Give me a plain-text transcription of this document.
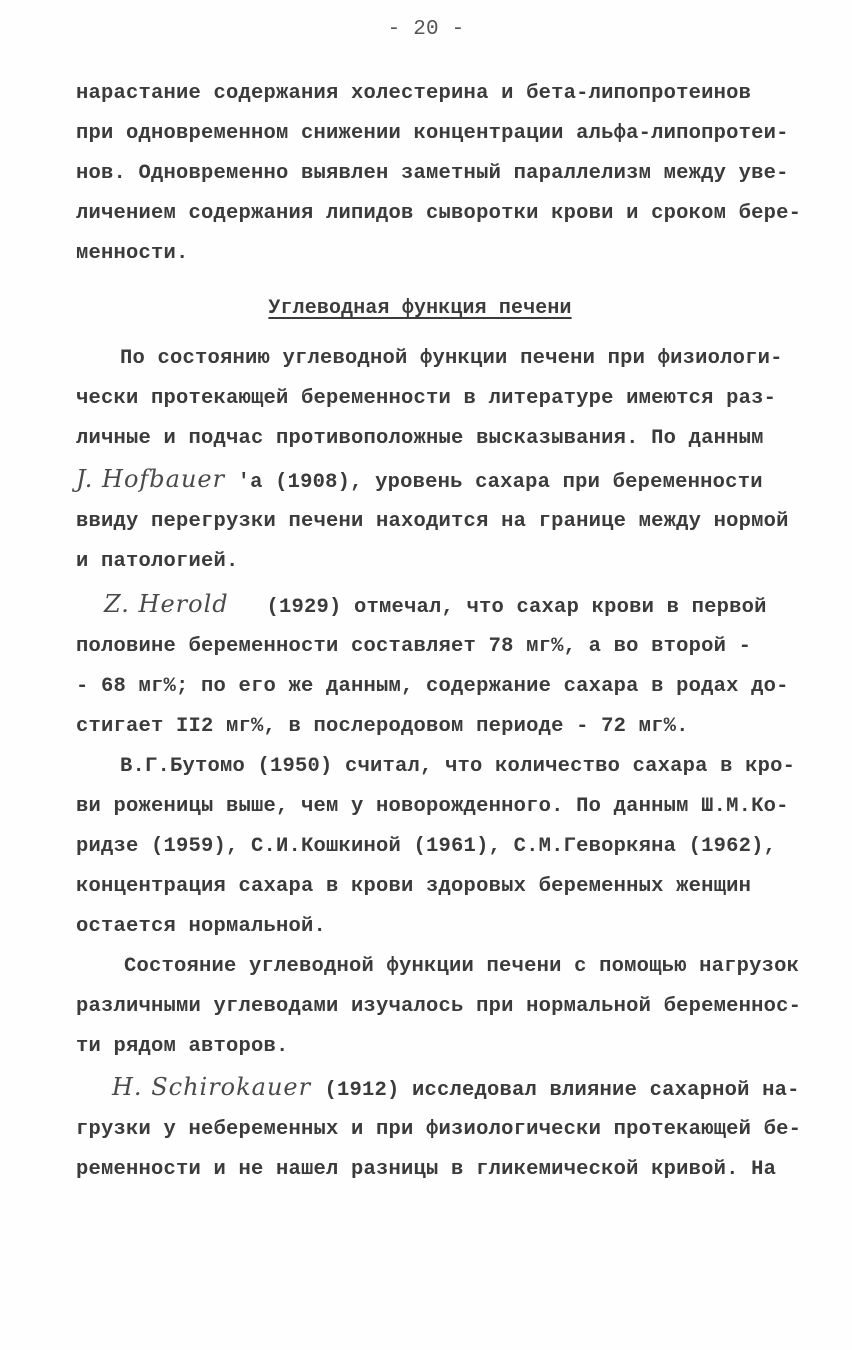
- 20 -
нарастание содержания холестерина и бета-липопротеинов
при одновременном снижении концентрации альфа-липопротеи-
нов. Одновременно выявлен заметный параллелизм между уве-
личением содержания липидов сыворотки крови и сроком бере-
менности.
Углеводная функция печени
По состоянию углеводной функции печени при физиологи-
чески протекающей беременности в литературе имеются раз-
личные и подчас противоположные высказывания. По данным
J. Hofbauer 'а (1908), уровень сахара при беременности
ввиду перегрузки печени находится на границе между нормой
и патологией.
Z. Herold (1929) отмечал, что сахар крови в первой
половине беременности составляет 78 мг%, а во второй -
- 68 мг%; по его же данным, содержание сахара в родах до-
стигает II2 мг%, в послеродовом периоде - 72 мг%.
В.Г.Бутомо (1950) считал, что количество сахара в кро-
ви роженицы выше, чем у новорожденного. По данным Ш.М.Ко-
ридзе (1959), С.И.Кошкиной (1961), С.М.Геворкяна (1962),
концентрация сахара в крови здоровых беременных женщин
остается нормальной.
Состояние углеводной функции печени с помощью нагрузок
различными углеводами изучалось при нормальной беременнос-
ти рядом авторов.
H. Schirokauer (1912) исследовал влияние сахарной на-
грузки у небеременных и при физиологически протекающей бе-
ременности и не нашел разницы в гликемической кривой. На
